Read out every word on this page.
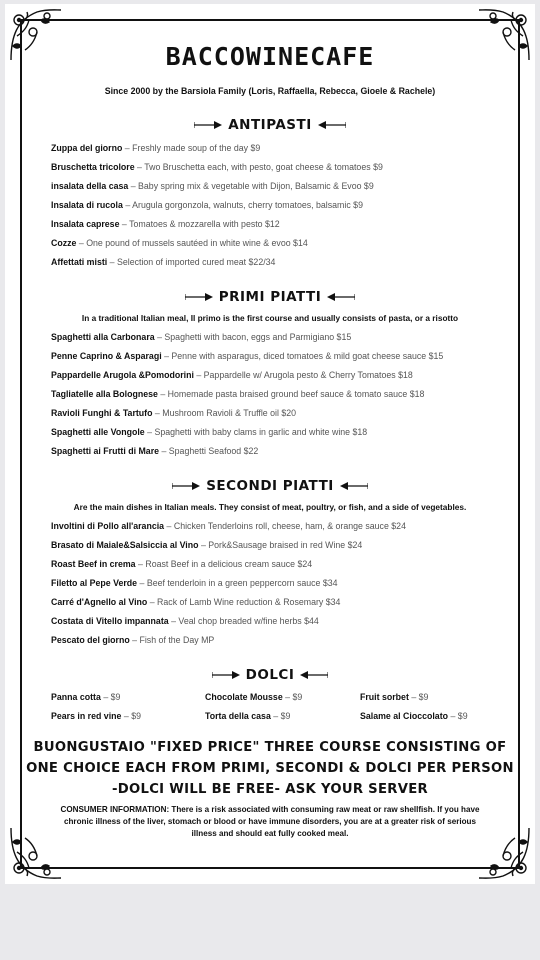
BACCOWINECAFE
Since 2000 by the Barsiola Family (Loris, Raffaella, Rebecca, Gioele & Rachele)
ANTIPASTI
Zuppa del giorno – Freshly made soup of the day $9
Bruschetta tricolore – Two Bruschetta each, with pesto, goat cheese & tomatoes $9
insalata della casa – Baby spring mix & vegetable with Dijon, Balsamic & Evoo $9
Insalata di rucola – Arugula gorgonzola, walnuts, cherry tomatoes, balsamic $9
Insalata caprese – Tomatoes & mozzarella with pesto $12
Cozze – One pound of mussels sautéed in white wine & evoo $14
Affettati misti – Selection of imported cured meat $22/34
PRIMI PIATTI
In a traditional Italian meal, Il primo is the first course and usually consists of pasta, or a risotto
Spaghetti alla Carbonara – Spaghetti with bacon, eggs and Parmigiano $15
Penne Caprino & Asparagi – Penne with asparagus, diced tomatoes & mild goat cheese sauce $15
Pappardelle Arugola &Pomodorini – Pappardelle w/ Arugola pesto & Cherry Tomatoes $18
Tagliatelle alla Bolognese – Homemade pasta braised ground beef sauce & tomato sauce $18
Ravioli Funghi & Tartufo – Mushroom Ravioli & Truffle oil $20
Spaghetti alle Vongole – Spaghetti with baby clams in garlic and white wine $18
Spaghetti ai Frutti di Mare – Spaghetti Seafood $22
SECONDI PIATTI
Are the main dishes in Italian meals. They consist of meat, poultry, or fish, and a side of vegetables.
Involtini di Pollo all'arancia – Chicken Tenderloins roll, cheese, ham, & orange sauce $24
Brasato di Maiale&Salsiccia al Vino – Pork&Sausage braised in red Wine $24
Roast Beef in crema – Roast Beef in a delicious cream sauce $24
Filetto al Pepe Verde – Beef tenderloin in a green peppercorn sauce $34
Carré d'Agnello al Vino – Rack of Lamb Wine reduction & Rosemary $34
Costata di Vitello impannata – Veal chop breaded w/fine herbs $44
Pescato del giorno – Fish of the Day MP
DOLCI
Panna cotta – $9	Chocolate Mousse – $9	Fruit sorbet – $9
Pears in red vine – $9	Torta della casa – $9	Salame al Cioccolato – $9
BUONGUSTAIO "FIXED PRICE" THREE COURSE CONSISTING OF
ONE CHOICE EACH FROM PRIMI, SECONDI & DOLCI PER PERSON
-DOLCI WILL BE FREE- ASK YOUR SERVER
CONSUMER INFORMATION: There is a risk associated with consuming raw meat or raw shellfish. If you have chronic illness of the liver, stomach or blood or have immune disorders, you are at a greater risk of serious illness and should eat fully cooked meal.
